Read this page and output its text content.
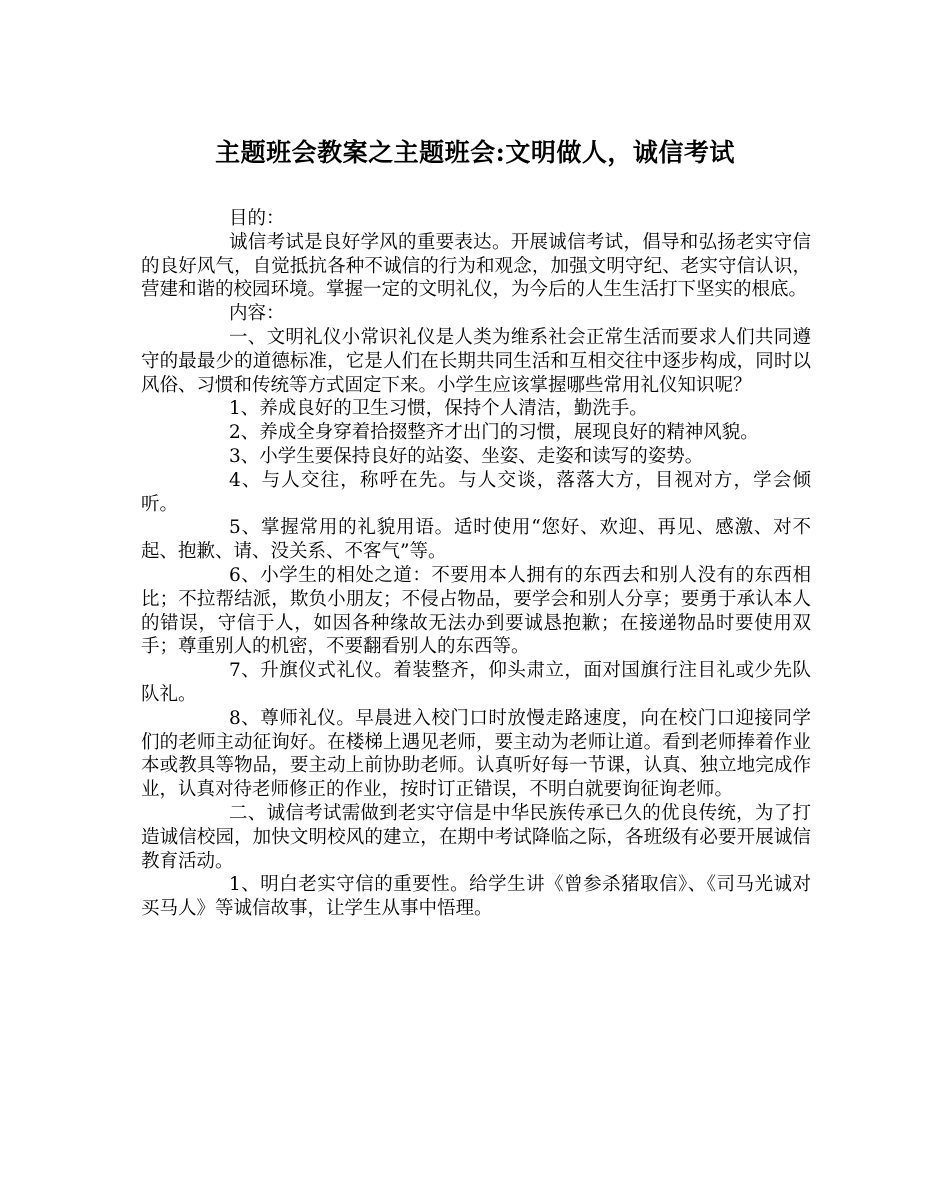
主题班会教案之主题班会:文明做人，诚信考试

目的：

诚信考试是良好学风的重要表达。开展诚信考试，倡导和弘扬老实守信的良好风气，自觉抵抗各种不诚信的行为和观念，加强文明守纪、老实守信认识，营建和谐的校园环境。掌握一定的文明礼仪，为今后的人生生活打下坚实的根底。

内容：

一、文明礼仪小常识礼仪是人类为维系社会正常生活而要求人们共同遵守的最最少的道德标准，它是人们在长期共同生活和互相交往中逐步构成，同时以风俗、习惯和传统等方式固定下来。小学生应该掌握哪些常用礼仪知识呢？

1、养成良好的卫生习惯，保持个人清洁，勤洗手。

2、养成全身穿着拾掇整齐才出门的习惯，展现良好的精神风貌。

3、小学生要保持良好的站姿、坐姿、走姿和读写的姿势。

4、与人交往，称呼在先。与人交谈，落落大方，目视对方，学会倾听。

5、掌握常用的礼貌用语。适时使用“您好、欢迎、再见、感激、对不起、抱歉、请、没关系、不客气”等。

6、小学生的相处之道：不要用本人拥有的东西去和别人没有的东西相比；不拉帮结派，欺负小朋友；不侵占物品，要学会和别人分享；要勇于承认本人的错误，守信于人，如因各种缘故无法办到要诚恳抱歉；在接递物品时要使用双手；尊重别人的机密，不要翻看别人的东西等。

7、升旗仪式礼仪。着装整齐，仰头肃立，面对国旗行注目礼或少先队队礼。

8、尊师礼仪。早晨进入校门口时放慢走路速度，向在校门口迎接同学们的老师主动征询好。在楼梯上遇见老师，要主动为老师让道。看到老师捧着作业本或教具等物品，要主动上前协助老师。认真听好每一节课，认真、独立地完成作业，认真对待老师修正的作业，按时订正错误，不明白就要询征询老师。

二、诚信考试需做到老实守信是中华民族传承已久的优良传统，为了打造诚信校园，加快文明校风的建立，在期中考试降临之际，各班级有必要开展诚信教育活动。

1、明白老实守信的重要性。给学生讲《曾参杀猪取信》、《司马光诚对买马人》等诚信故事，让学生从事中悟理。
